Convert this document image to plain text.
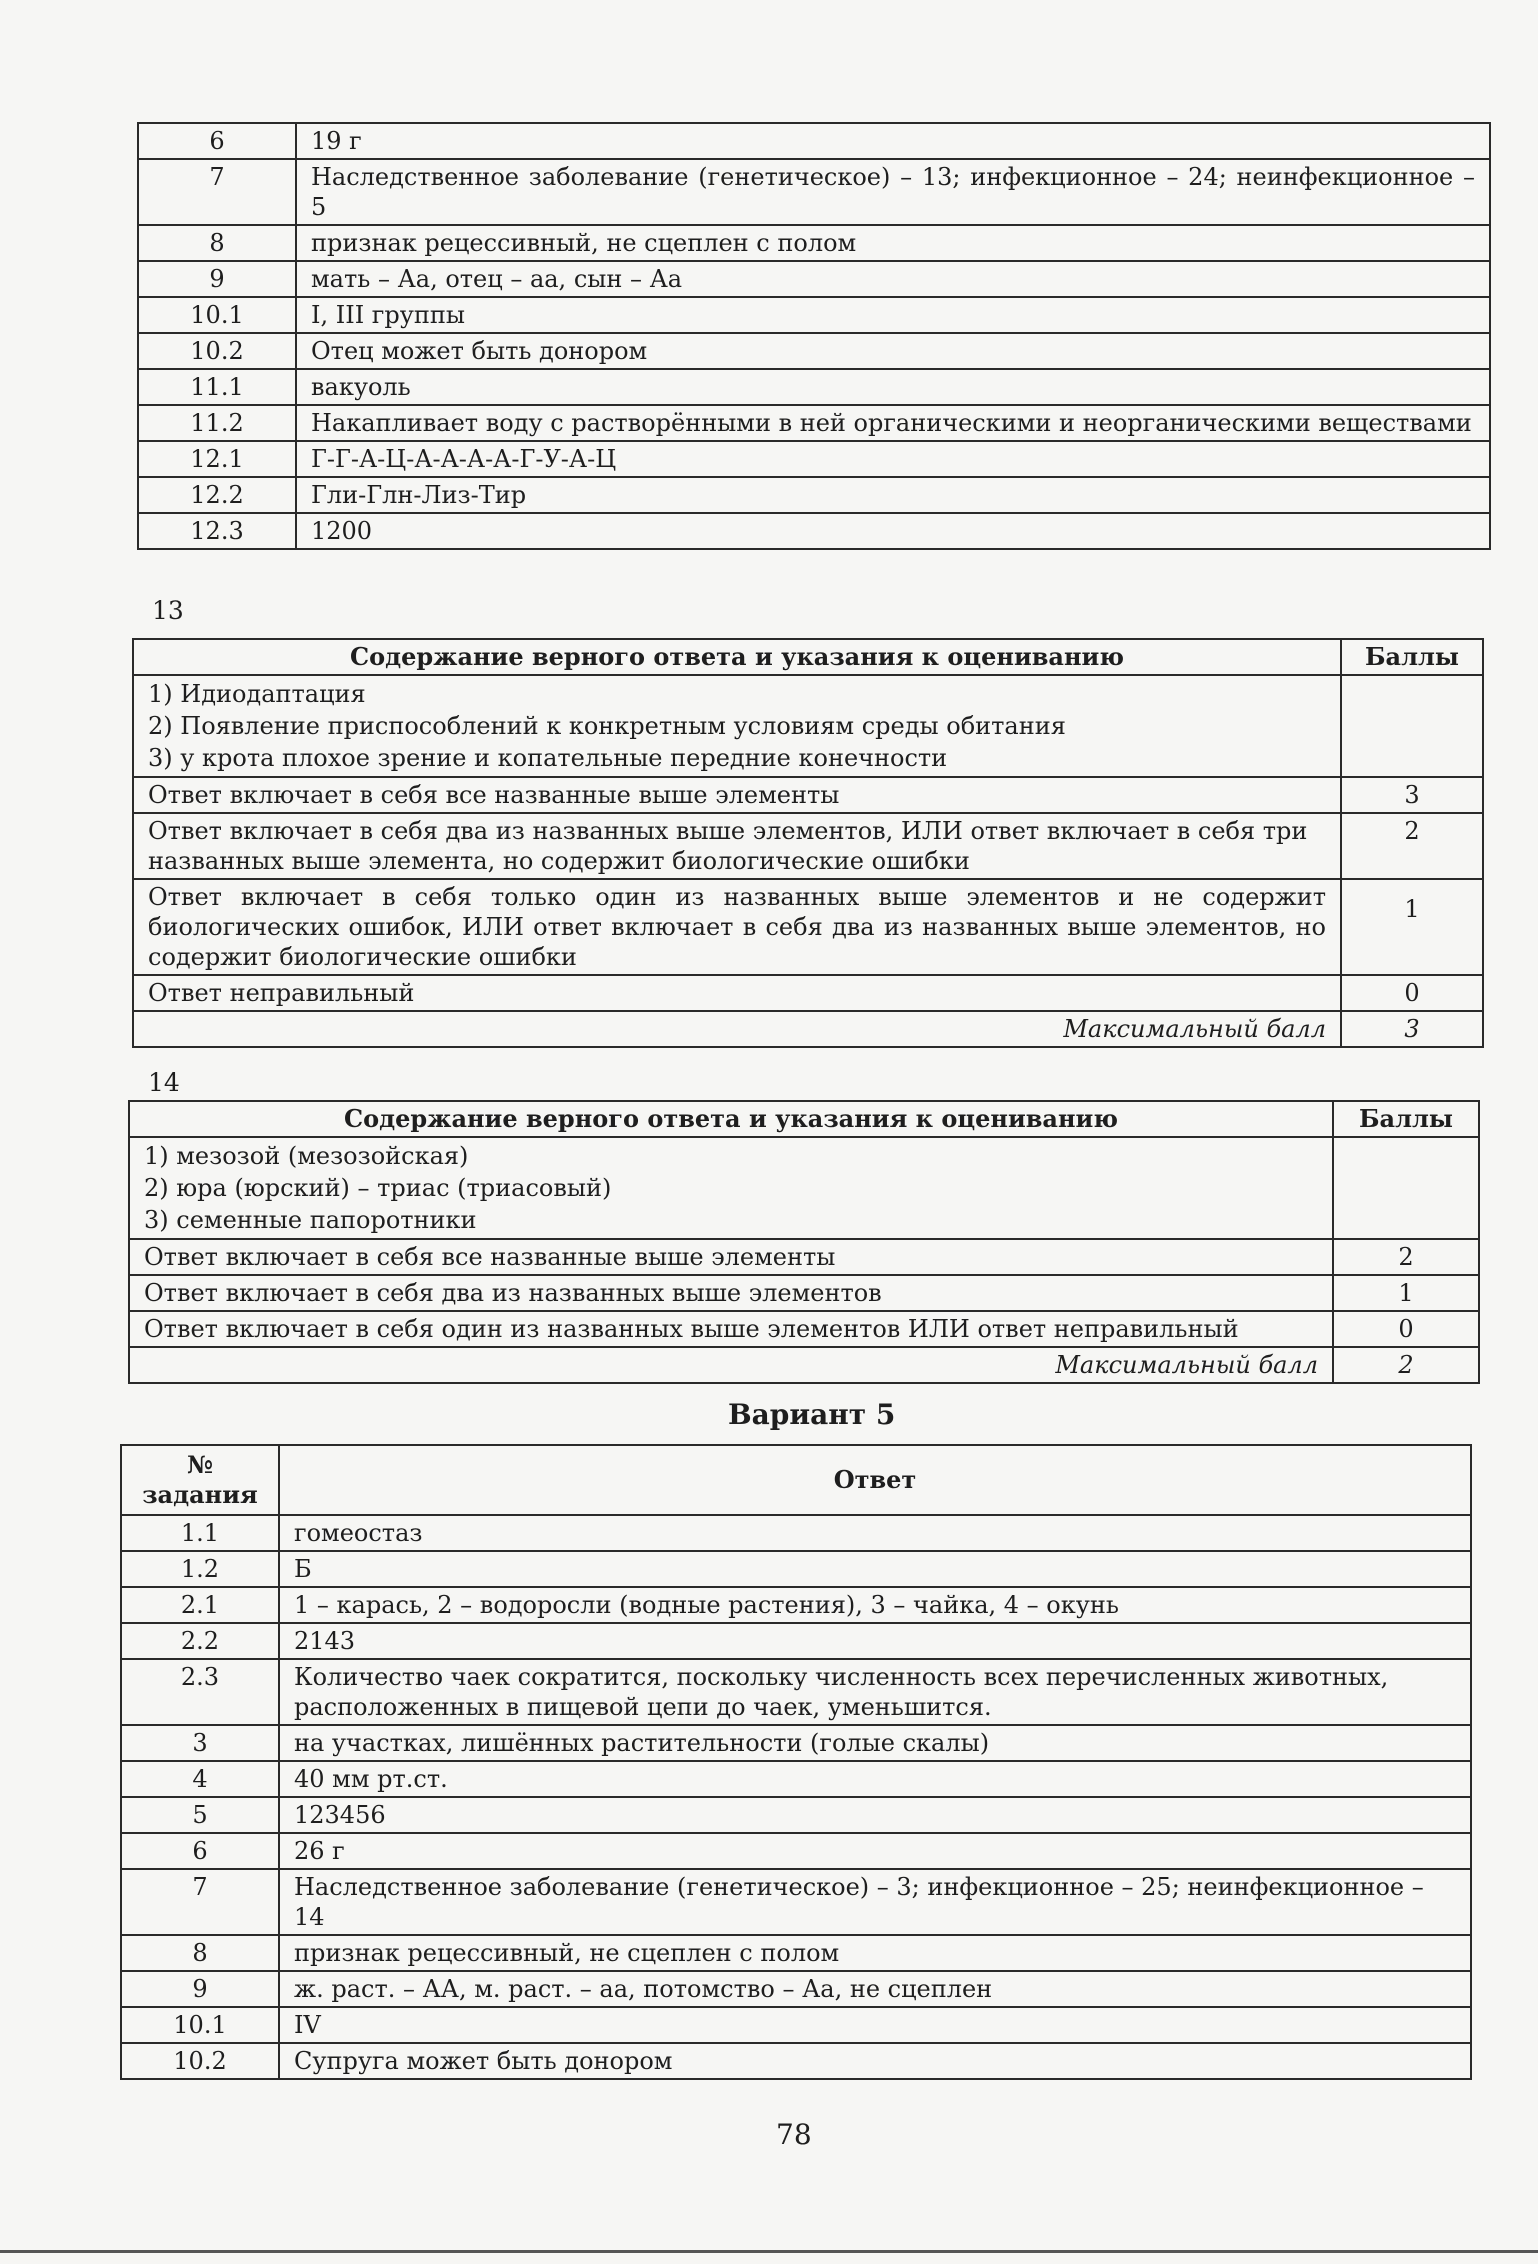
6	19 г
7	Наследственное заболевание (генетическое) – 13; инфекционное – 24; неинфекционное – 5
8	признак рецессивный, не сцеплен с полом
9	мать – Аа, отец – аа, сын – Аа
10.1	I, III группы
10.2	Отец может быть донором
11.1	вакуоль
11.2	Накапливает воду с растворёнными в ней органическими и неорганическими веществами
12.1	Г-Г-А-Ц-А-А-А-А-Г-У-А-Ц
12.2	Гли-Глн-Лиз-Тир
12.3	1200
13
Содержание верного ответа и указания к оцениванию	Баллы

1) Идиодаптация
2) Появление приспособлений к конкретным условиям среды обитания
3) у крота плохое зрение и копательные передние конечности	

Ответ включает в себя все названные выше элементы	3
Ответ включает в себя два из названных выше элементов, ИЛИ ответ включает в себя три названных выше элемента, но содержит биологические ошибки	2
Ответ включает в себя только один из названных выше элементов и не содержит биологических ошибок, ИЛИ ответ включает в себя два из названных выше элементов, но содержит биологические ошибки	1
Ответ неправильный	0
Максимальный балл	3
14
Содержание верного ответа и указания к оцениванию	Баллы

1) мезозой (мезозойская)
2) юра (юрский) – триас (триасовый)
3) семенные папоротники	

Ответ включает в себя все названные выше элементы	2
Ответ включает в себя два из названных выше элементов	1
Ответ включает в себя один из названных выше элементов ИЛИ ответ неправильный	0
Максимальный балл	2
Вариант 5
№ задания	Ответ
1.1	гомеостаз
1.2	Б
2.1	1 – карась, 2 – водоросли (водные растения), 3 – чайка, 4 – окунь
2.2	2143
2.3	Количество чаек сократится, поскольку численность всех перечисленных животных, расположенных в пищевой цепи до чаек, уменьшится.
3	на участках, лишённых растительности (голые скалы)
4	40 мм рт.ст.
5	123456
6	26 г
7	Наследственное заболевание (генетическое) – 3; инфекционное – 25; неинфекционное – 14
8	признак рецессивный, не сцеплен с полом
9	ж. раст. – АА, м. раст. – аа, потомство – Аа, не сцеплен
10.1	IV
10.2	Супруга может быть донором
78
